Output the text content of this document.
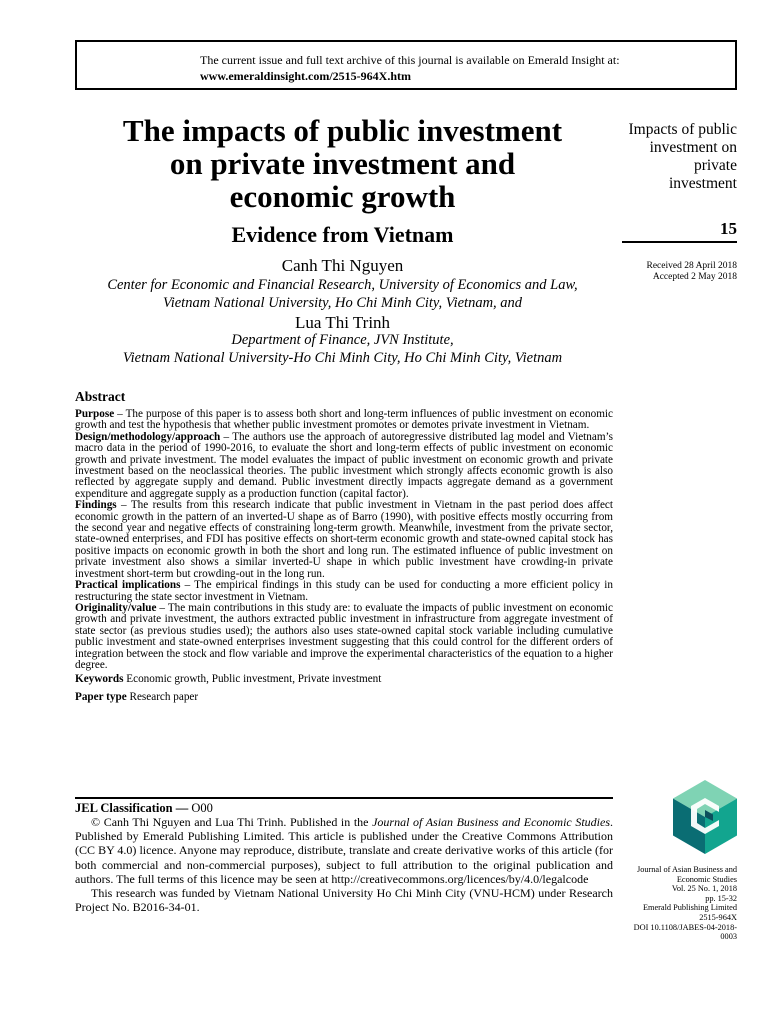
The current issue and full text archive of this journal is available on Emerald Insight at:
www.emeraldinsight.com/2515-964X.htm
The impacts of public investment
on private investment and
economic growth
Evidence from Vietnam
Canh Thi Nguyen
Center for Economic and Financial Research, University of Economics and Law,
Vietnam National University, Ho Chi Minh City, Vietnam, and
Lua Thi Trinh
Department of Finance, JVN Institute,
Vietnam National University-Ho Chi Minh City, Ho Chi Minh City, Vietnam
Impacts of public
investment on
private
investment
15
Received 28 April 2018
Accepted 2 May 2018
Abstract

Purpose – The purpose of this paper is to assess both short and long-term influences of public investment on economic growth and test the hypothesis that whether public investment promotes or demotes private investment in Vietnam.

Design/methodology/approach – The authors use the approach of autoregressive distributed lag model and Vietnam’s macro data in the period of 1990-2016, to evaluate the short and long-term effects of public investment on economic growth and private investment. The model evaluates the impact of public investment on economic growth and private investment based on the neoclassical theories. The public investment which strongly affects economic growth is also reflected by aggregate supply and demand. Public investment directly impacts aggregate demand as a government expenditure and aggregate supply as a production function (capital factor).

Findings – The results from this research indicate that public investment in Vietnam in the past period does affect economic growth in the pattern of an inverted-U shape as of Barro (1990), with positive effects mostly occurring from the second year and negative effects of constraining long-term growth. Meanwhile, investment from the private sector, state-owned enterprises, and FDI has positive effects on short-term economic growth and state-owned capital stock has positive impacts on economic growth in both the short and long run. The estimated influence of public investment on private investment also shows a similar inverted-U shape in which public investment have crowding-in private investment short-term but crowding-out in the long run.

Practical implications – The empirical findings in this study can be used for conducting a more efficient policy in restructuring the state sector investment in Vietnam.

Originality/value – The main contributions in this study are: to evaluate the impacts of public investment on economic growth and private investment, the authors extracted public investment in infrastructure from aggregate investment of state sector (as previous studies used); the authors also uses state-owned capital stock variable including cumulative public investment and state-owned enterprises investment suggesting that this could control for the different orders of integration between the stock and flow variable and improve the experimental characteristics of the equation to a higher degree.

Keywords Economic growth, Public investment, Private investment

Paper type Research paper

JEL Classification — O00

© Canh Thi Nguyen and Lua Thi Trinh. Published in the Journal of Asian Business and Economic Studies. Published by Emerald Publishing Limited. This article is published under the Creative Commons Attribution (CC BY 4.0) licence. Anyone may reproduce, distribute, translate and create derivative works of this article (for both commercial and non-commercial purposes), subject to full attribution to the original publication and authors. The full terms of this licence may be seen at http://creativecommons.org/licences/by/4.0/legalcode

This research was funded by Vietnam National University Ho Chi Minh City (VNU-HCM) under Research Project No. B2016-34-01.

Journal of Asian Business and
Economic Studies
Vol. 25 No. 1, 2018
pp. 15-32
Emerald Publishing Limited
2515-964X
DOI 10.1108/JABES-04-2018-0003
